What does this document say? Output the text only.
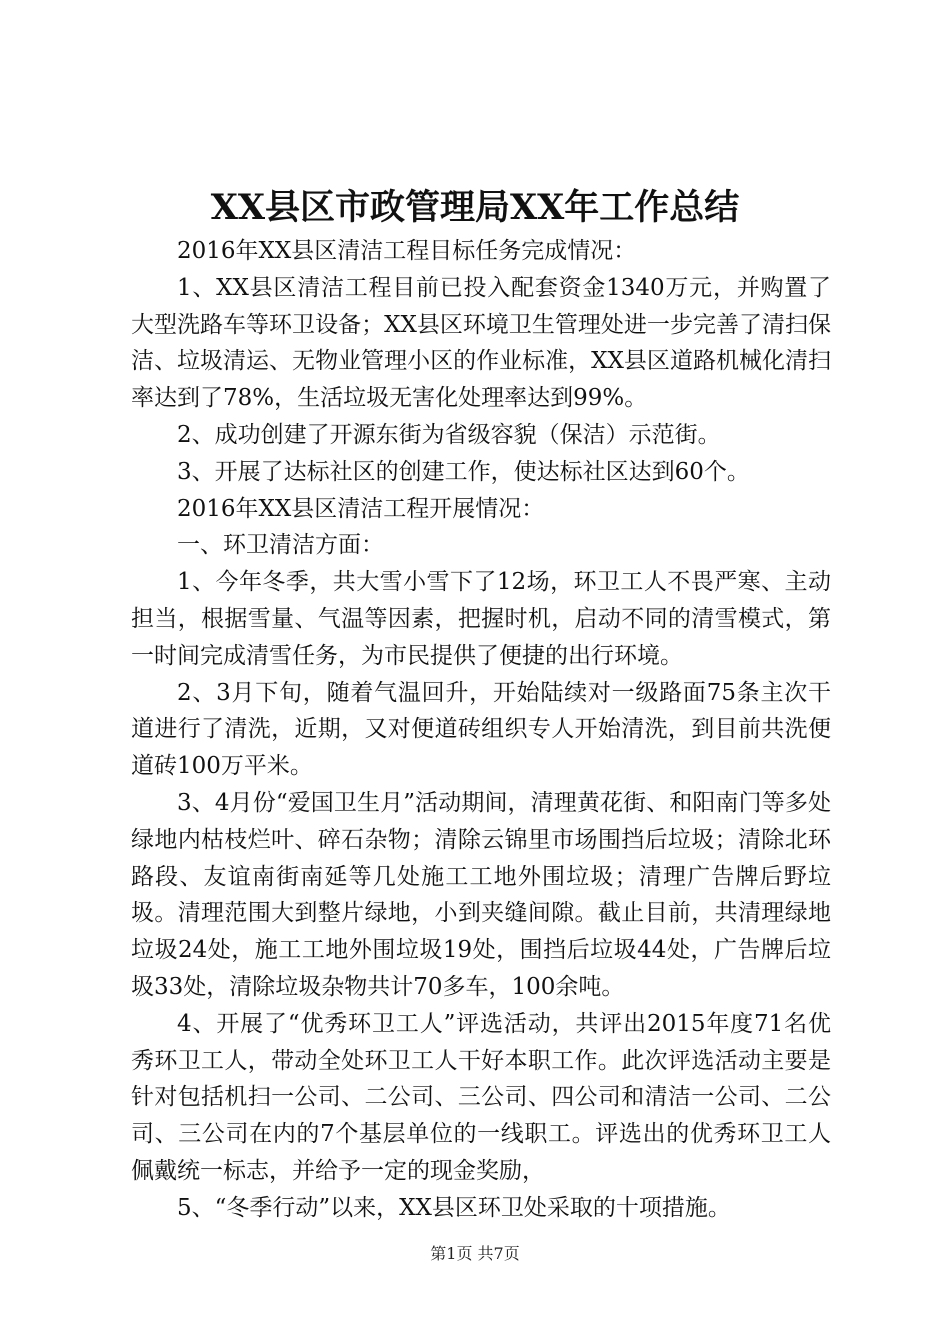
XX县区市政管理局XX年工作总结

2016年XX县区清洁工程目标任务完成情况：

1、XX县区清洁工程目前已投入配套资金1340万元，并购置了大型洗路车等环卫设备；XX县区环境卫生管理处进一步完善了清扫保洁、垃圾清运、无物业管理小区的作业标准，XX县区道路机械化清扫率达到了78%，生活垃圾无害化处理率达到99%。

2、成功创建了开源东街为省级容貌（保洁）示范街。

3、开展了达标社区的创建工作，使达标社区达到60个。

2016年XX县区清洁工程开展情况：

一、环卫清洁方面：

1、今年冬季，共大雪小雪下了12场，环卫工人不畏严寒、主动担当，根据雪量、气温等因素，把握时机，启动不同的清雪模式，第一时间完成清雪任务，为市民提供了便捷的出行环境。

2、3月下旬，随着气温回升，开始陆续对一级路面75条主次干道进行了清洗，近期，又对便道砖组织专人开始清洗，到目前共洗便道砖100万平米。

3、4月份“爱国卫生月”活动期间，清理黄花街、和阳南门等多处绿地内枯枝烂叶、碎石杂物；清除云锦里市场围挡后垃圾；清除北环路段、友谊南街南延等几处施工工地外围垃圾；清理广告牌后野垃圾。清理范围大到整片绿地，小到夹缝间隙。截止目前，共清理绿地垃圾24处，施工工地外围垃圾19处，围挡后垃圾44处，广告牌后垃圾33处，清除垃圾杂物共计70多车，100余吨。

4、开展了“优秀环卫工人”评选活动，共评出2015年度71名优秀环卫工人，带动全处环卫工人干好本职工作。此次评选活动主要是针对包括机扫一公司、二公司、三公司、四公司和清洁一公司、二公司、三公司在内的7个基层单位的一线职工。评选出的优秀环卫工人佩戴统一标志，并给予一定的现金奖励，

5、“冬季行动”以来，XX县区环卫处采取的十项措施。

第1页 共7页
